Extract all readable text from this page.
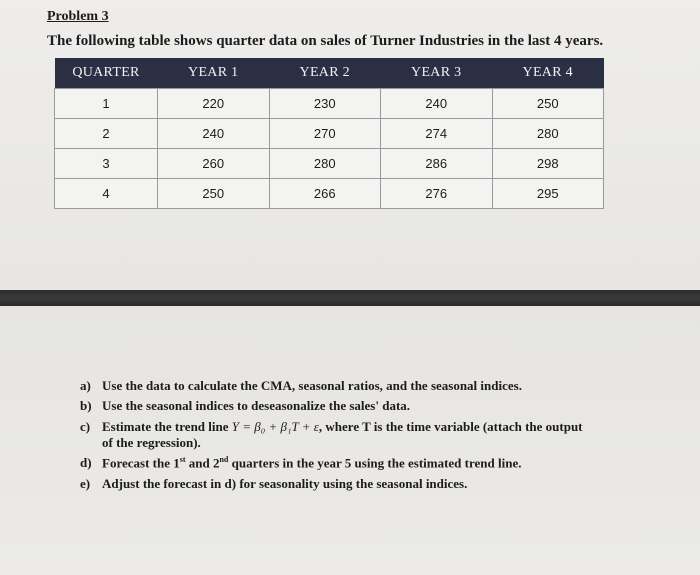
Problem 3
The following table shows quarter data on sales of Turner Industries in the last 4 years.
QUARTER	YEAR 1	YEAR 2	YEAR 3	YEAR 4
1	220	230	240	250
2	240	270	274	280
3	260	280	286	298
4	250	266	276	295
a) Use the data to calculate the CMA, seasonal ratios, and the seasonal indices.
b) Use the seasonal indices to deseasonalize the sales' data.
c) Estimate the trend line Y = β₀ + β₁T + ε, where T is the time variable (attach the output
of the regression).
d) Forecast the 1st and 2nd quarters in the year 5 using the estimated trend line.
e) Adjust the forecast in d) for seasonality using the seasonal indices.
